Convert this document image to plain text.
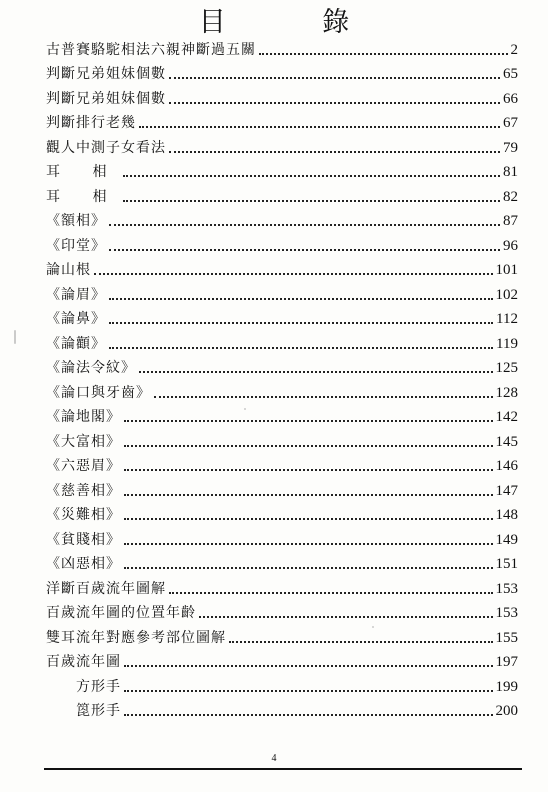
目 錄
古普賽駱駝相法六親神斷過五關	2
判斷兄弟姐妹個數	65
判斷兄弟姐妹個數	66
判斷排行老幾	67
觀人中測子女看法	79
耳 相	81
耳 相	82
《額相》	87
《印堂》	96
論山根	101
《論眉》	102
《論鼻》	112
《論顴》	119
《論法令紋》	125
《論口與牙齒》	128
《論地閣》	142
《大富相》	145
《六惡眉》	146
《慈善相》	147
《災難相》	148
《貧賤相》	149
《凶惡相》	151
洋斷百歲流年圖解	153
百歲流年圖的位置年齡	153
雙耳流年對應參考部位圖解	155
百歲流年圖	197
方形手	199
箆形手	200
4
